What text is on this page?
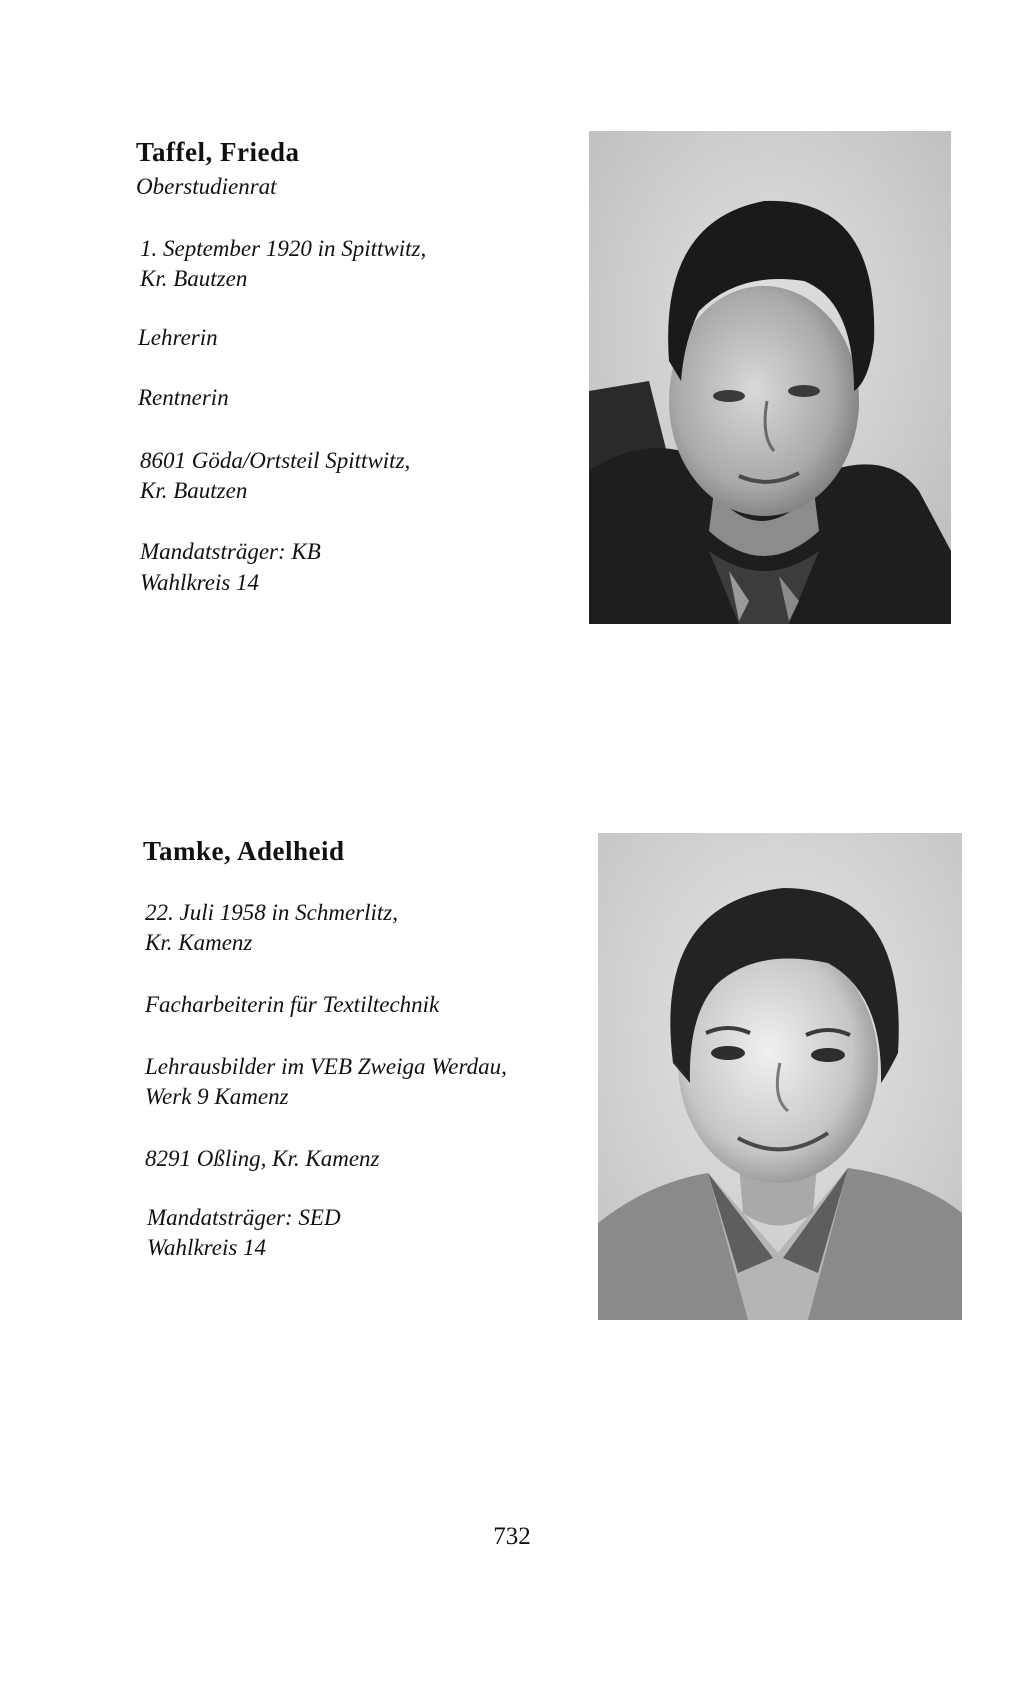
Taffel, Frieda
Oberstudienrat
1. September 1920 in Spittwitz,
Kr. Bautzen
Lehrerin
Rentnerin
8601 Göda/Ortsteil Spittwitz,
Kr. Bautzen
Mandatsträger: KB
Wahlkreis 14
Tamke, Adelheid
22. Juli 1958 in Schmerlitz,
Kr. Kamenz
Facharbeiterin für Textiltechnik
Lehrausbilder im VEB Zweiga Werdau,
Werk 9 Kamenz
8291 Oßling, Kr. Kamenz
Mandatsträger: SED
Wahlkreis 14
732
